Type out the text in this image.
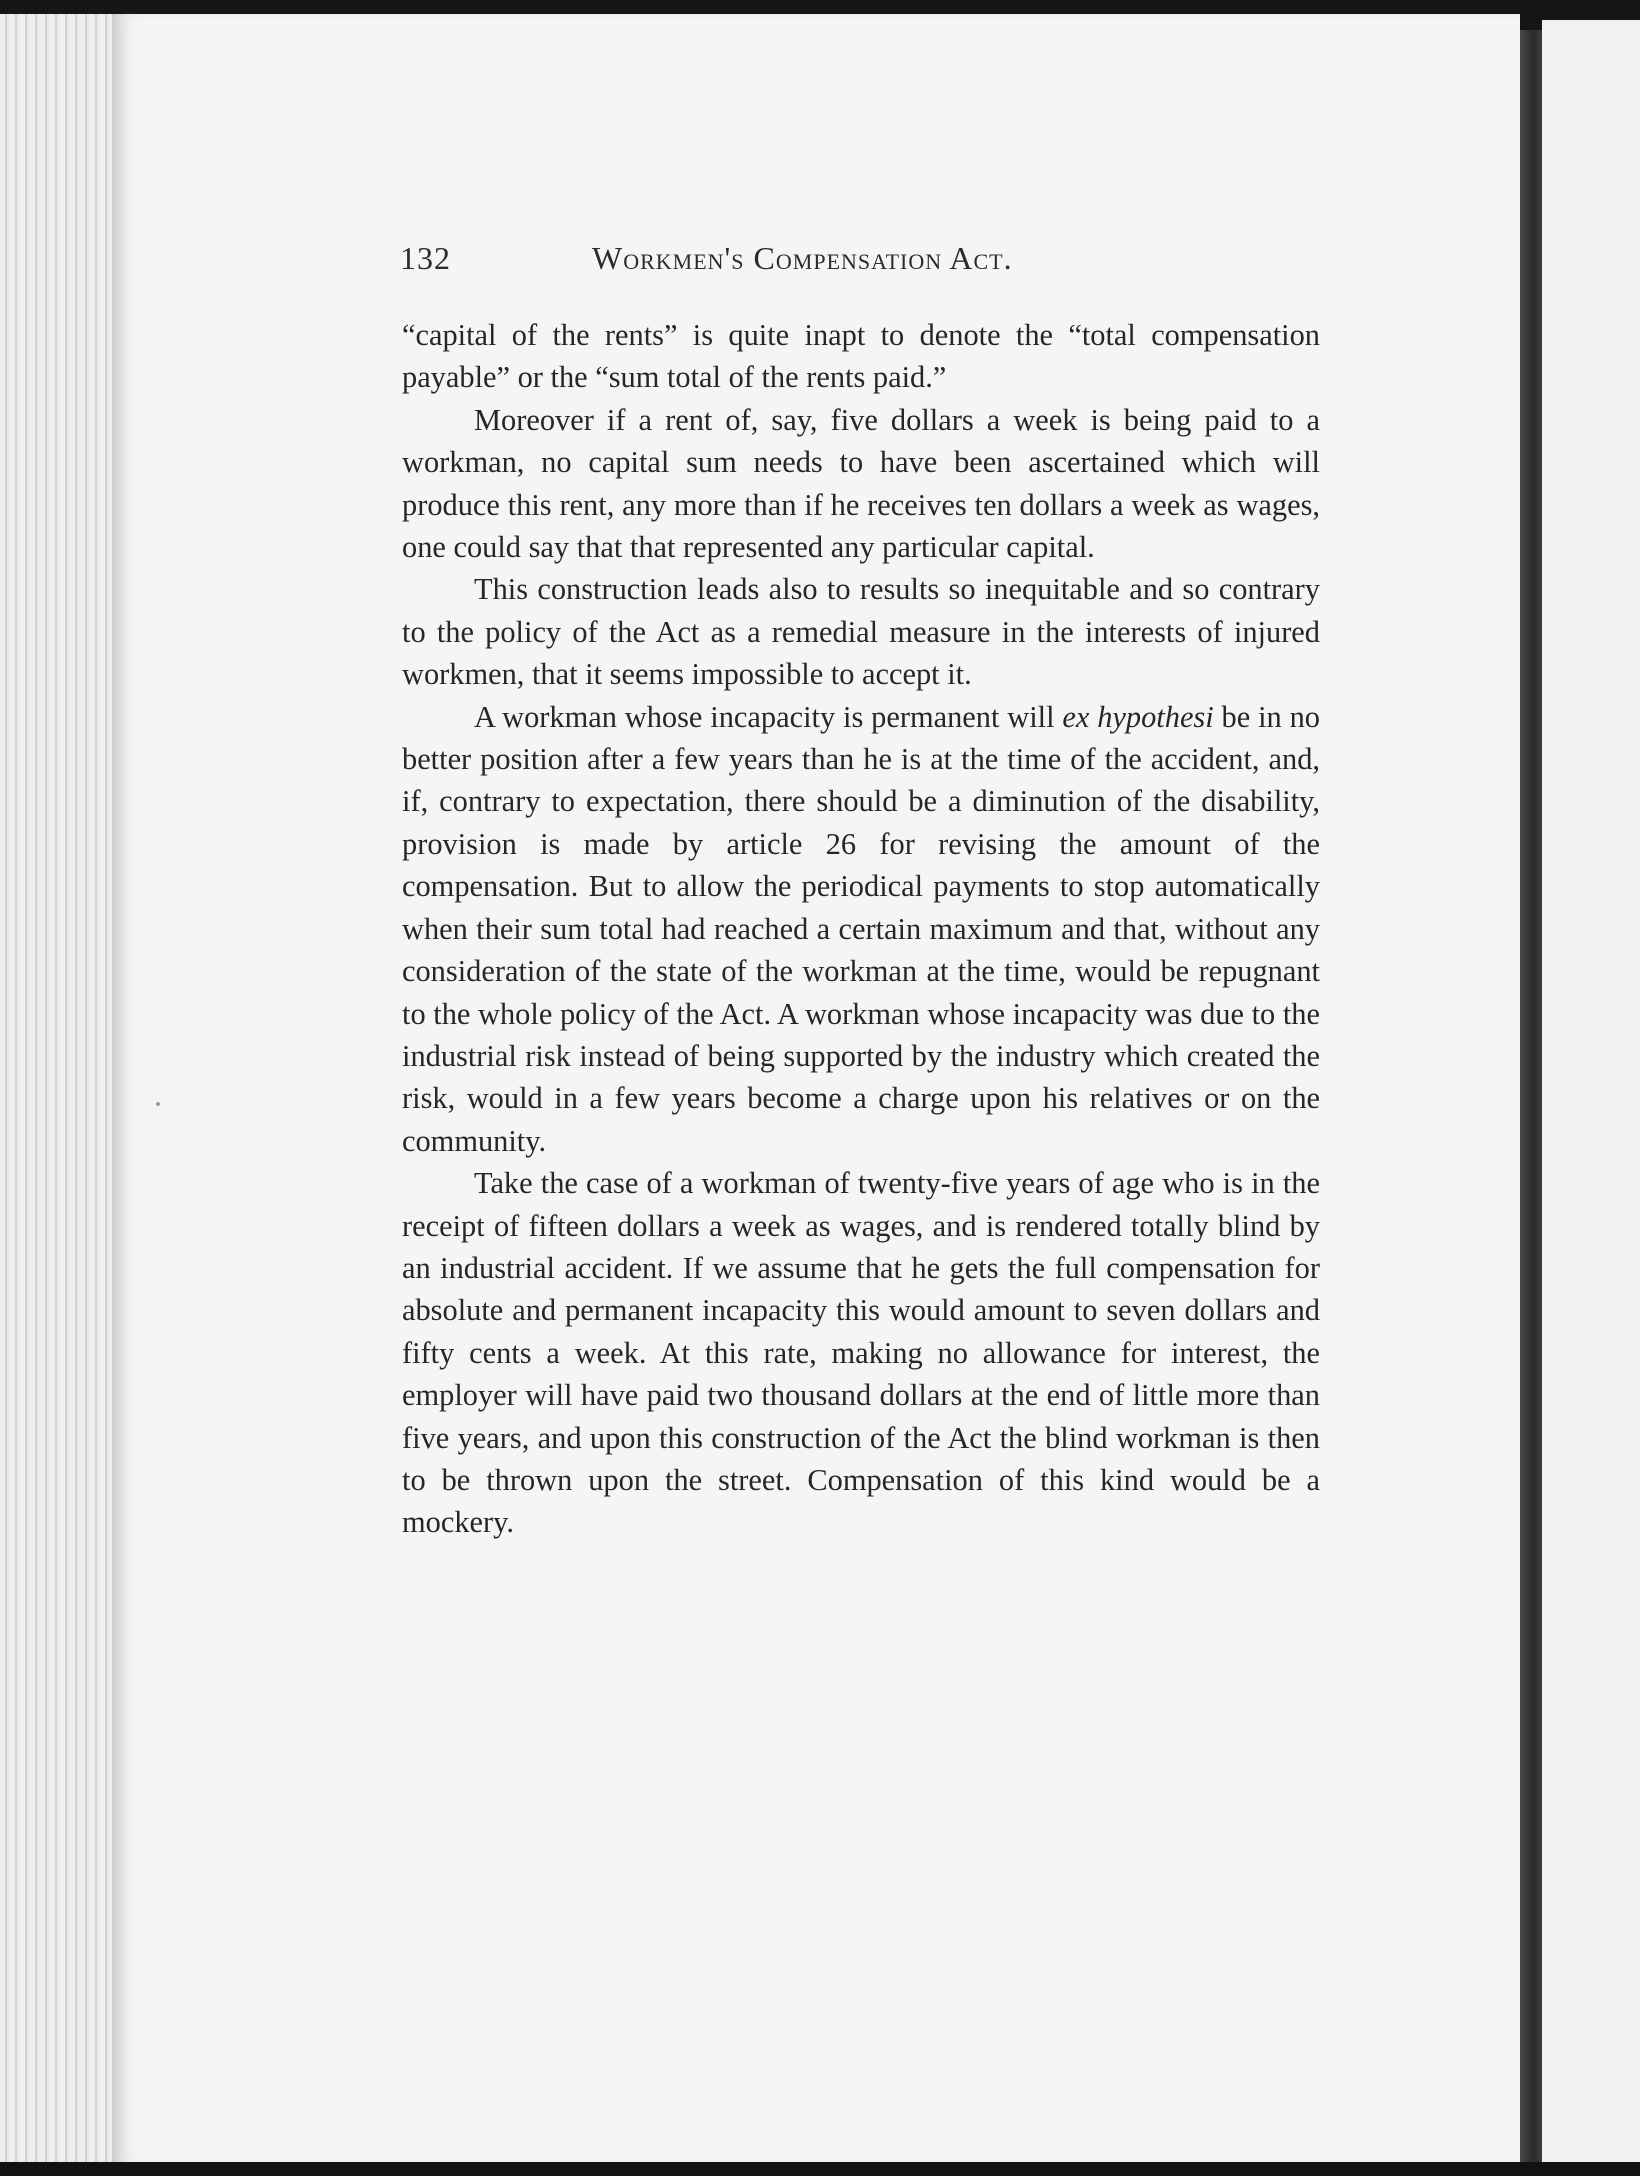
132	Workmen's Compensation Act.

“capital of the rents” is quite inapt to denote the “total compensation payable” or the “sum total of the rents paid.”

Moreover if a rent of, say, five dollars a week is being paid to a workman, no capital sum needs to have been ascertained which will produce this rent, any more than if he receives ten dollars a week as wages, one could say that that represented any particular capital.

This construction leads also to results so inequitable and so contrary to the policy of the Act as a remedial measure in the interests of injured workmen, that it seems impossible to accept it.

A workman whose incapacity is permanent will ex hypothesi be in no better position after a few years than he is at the time of the accident, and, if, contrary to expectation, there should be a diminution of the disability, provision is made by article 26 for revising the amount of the compensation. But to allow the periodical payments to stop automatically when their sum total had reached a certain maximum and that, without any consideration of the state of the workman at the time, would be repugnant to the whole policy of the Act. A workman whose incapacity was due to the industrial risk instead of being supported by the industry which created the risk, would in a few years become a charge upon his relatives or on the community.

Take the case of a workman of twenty-five years of age who is in the receipt of fifteen dollars a week as wages, and is rendered totally blind by an industrial accident. If we assume that he gets the full compensation for absolute and permanent incapacity this would amount to seven dollars and fifty cents a week. At this rate, making no allowance for interest, the employer will have paid two thousand dollars at the end of little more than five years, and upon this construction of the Act the blind workman is then to be thrown upon the street. Compensation of this kind would be a mockery.
